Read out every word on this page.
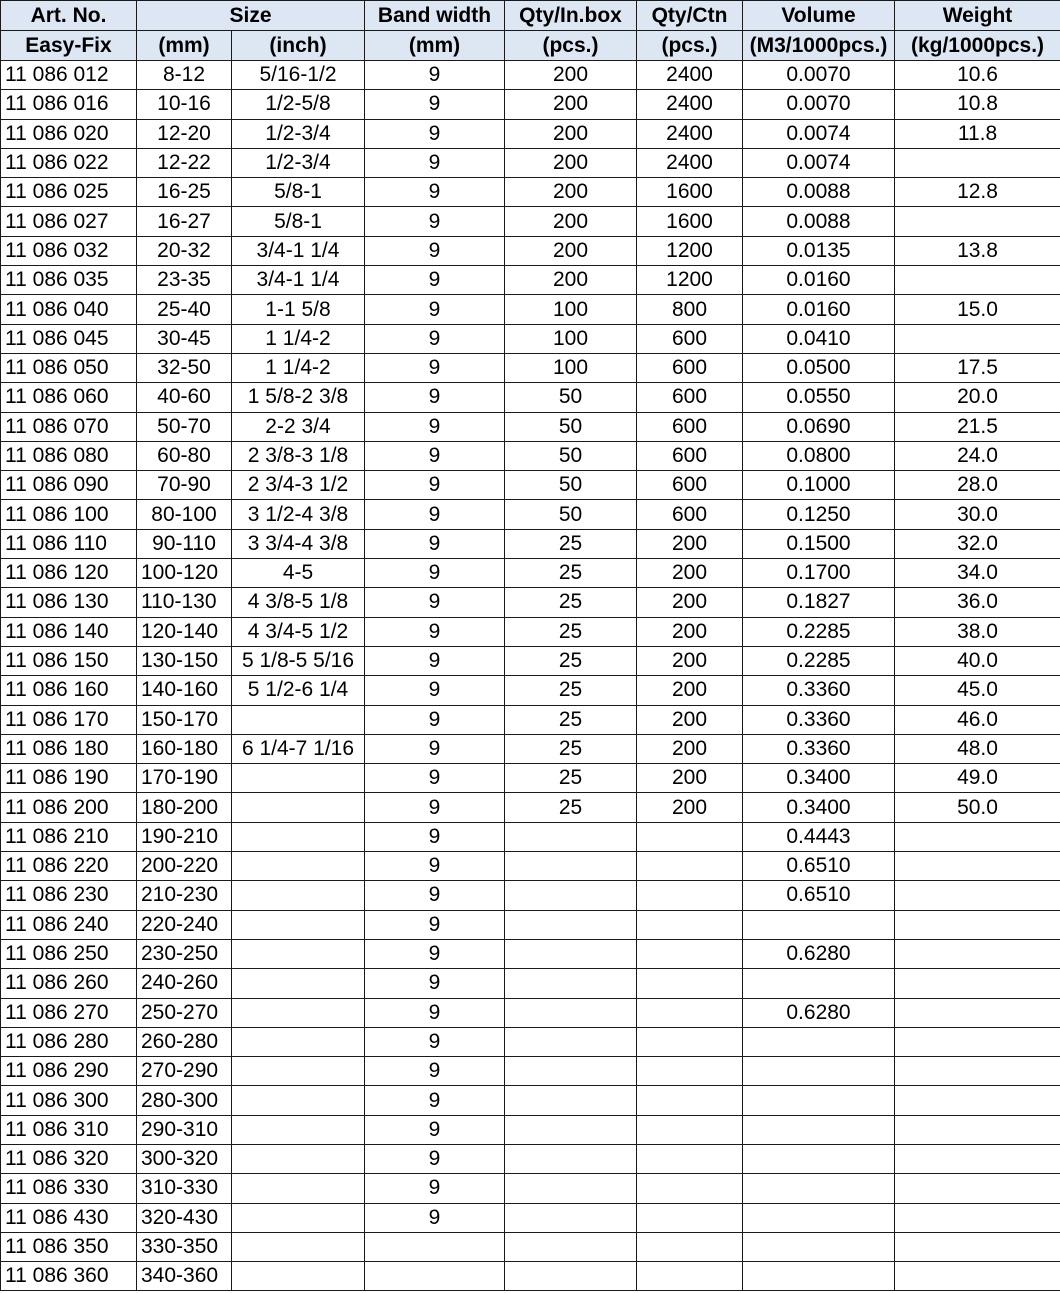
Art. No.	Size		Band width	Qty/In.box	Qty/Ctn	Volume	Weight
Easy-Fix	(mm)	(inch)	(mm)	(pcs.)	(pcs.)	(M3/1000pcs.)	(kg/1000pcs.)
11 086 012	8-12	5/16-1/2	9	200	2400	0.0070	10.6
11 086 016	10-16	1/2-5/8	9	200	2400	0.0070	10.8
11 086 020	12-20	1/2-3/4	9	200	2400	0.0074	11.8
11 086 022	12-22	1/2-3/4	9	200	2400	0.0074	
11 086 025	16-25	5/8-1	9	200	1600	0.0088	12.8
11 086 027	16-27	5/8-1	9	200	1600	0.0088	
11 086 032	20-32	3/4-1 1/4	9	200	1200	0.0135	13.8
11 086 035	23-35	3/4-1 1/4	9	200	1200	0.0160	
11 086 040	25-40	1-1 5/8	9	100	800	0.0160	15.0
11 086 045	30-45	1 1/4-2	9	100	600	0.0410	
11 086 050	32-50	1 1/4-2	9	100	600	0.0500	17.5
11 086 060	40-60	1 5/8-2 3/8	9	50	600	0.0550	20.0
11 086 070	50-70	2-2 3/4	9	50	600	0.0690	21.5
11 086 080	60-80	2 3/8-3 1/8	9	50	600	0.0800	24.0
11 086 090	70-90	2 3/4-3 1/2	9	50	600	0.1000	28.0
11 086 100	80-100	3 1/2-4 3/8	9	50	600	0.1250	30.0
11 086 110	90-110	3 3/4-4 3/8	9	25	200	0.1500	32.0
11 086 120	100-120	4-5	9	25	200	0.1700	34.0
11 086 130	110-130	4 3/8-5 1/8	9	25	200	0.1827	36.0
11 086 140	120-140	4 3/4-5 1/2	9	25	200	0.2285	38.0
11 086 150	130-150	5 1/8-5 5/16	9	25	200	0.2285	40.0
11 086 160	140-160	5 1/2-6 1/4	9	25	200	0.3360	45.0
11 086 170	150-170		9	25	200	0.3360	46.0
11 086 180	160-180	6 1/4-7 1/16	9	25	200	0.3360	48.0
11 086 190	170-190		9	25	200	0.3400	49.0
11 086 200	180-200		9	25	200	0.3400	50.0
11 086 210	190-210		9			0.4443	
11 086 220	200-220		9			0.6510	
11 086 230	210-230		9			0.6510	
11 086 240	220-240		9				
11 086 250	230-250		9			0.6280	
11 086 260	240-260		9				
11 086 270	250-270		9			0.6280	
11 086 280	260-280		9				
11 086 290	270-290		9				
11 086 300	280-300		9				
11 086 310	290-310		9				
11 086 320	300-320		9				
11 086 330	310-330		9				
11 086 430	320-430		9				
11 086 350	330-350						
11 086 360	340-360						
